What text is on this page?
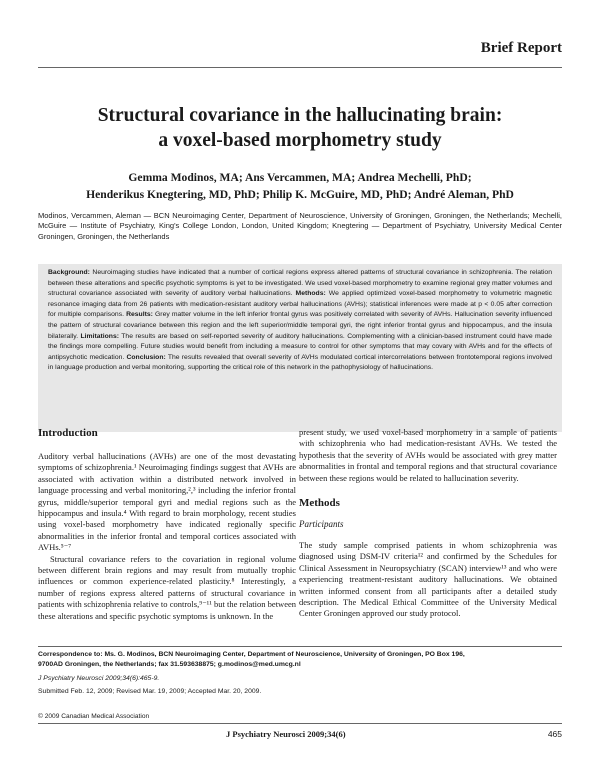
Brief Report
Structural covariance in the hallucinating brain:
a voxel-based morphometry study
Gemma Modinos, MA; Ans Vercammen, MA; Andrea Mechelli, PhD;
Henderikus Knegtering, MD, PhD; Philip K. McGuire, MD, PhD; André Aleman, PhD
Modinos, Vercammen, Aleman — BCN Neuroimaging Center, Department of Neuroscience, University of Groningen, Groningen, the Netherlands; Mechelli, McGuire — Institute of Psychiatry, King's College London, London, United Kingdom; Knegtering — Department of Psychiatry, University Medical Center Groningen, Groningen, the Netherlands
Background: Neuroimaging studies have indicated that a number of cortical regions express altered patterns of structural covariance in schizophrenia. The relation between these alterations and specific psychotic symptoms is yet to be investigated. We used voxel-based morphometry to examine regional grey matter volumes and structural covariance associated with severity of auditory verbal hallucinations. Methods: We applied optimized voxel-based morphometry to volumetric magnetic resonance imaging data from 26 patients with medication-resistant auditory verbal hallucinations (AVHs); statistical inferences were made at p < 0.05 after correction for multiple comparisons. Results: Grey matter volume in the left inferior frontal gyrus was positively correlated with severity of AVHs. Hallucination severity influenced the pattern of structural covariance between this region and the left superior/middle temporal gyri, the right inferior frontal gyrus and hippocampus, and the insula bilaterally. Limitations: The results are based on self-reported severity of auditory hallucinations. Complementing with a clinician-based instrument could have made the findings more compelling. Future studies would benefit from including a measure to control for other symptoms that may covary with AVHs and for the effects of antipsychotic medication. Conclusion: The results revealed that overall severity of AVHs modulated cortical intercorrelations between frontotemporal regions involved in language production and verbal monitoring, supporting the critical role of this network in the pathophysiology of hallucinations.
Introduction

Auditory verbal hallucinations (AVHs) are one of the most devastating symptoms of schizophrenia.¹ Neuroimaging findings suggest that AVHs are associated with activation within a distributed network involved in language processing and verbal monitoring,²,³ including the inferior frontal gyrus, middle/superior temporal gyri and medial regions such as the hippocampus and insula.⁴ With regard to brain morphology, recent studies using voxel-based morphometry have indicated regionally specific abnormalities in the inferior frontal and temporal cortices associated with AVHs.⁵⁻⁷

Structural covariance refers to the covariation in regional volume between different brain regions and may result from mutually trophic influences or common experience-related plasticity.⁸ Interestingly, a number of regions express altered patterns of structural covariance in patients with schizophrenia relative to controls,⁹⁻¹¹ but the relation between these alterations and specific psychotic symptoms is unknown. In the

present study, we used voxel-based morphometry in a sample of patients with schizophrenia who had medication-resistant AVHs. We tested the hypothesis that the severity of AVHs would be associated with grey matter abnormalities in frontal and temporal regions and that structural covariance between these regions would be related to hallucination severity.

Methods
Participants

The study sample comprised patients in whom schizophrenia was diagnosed using DSM-IV criteria¹² and confirmed by the Schedules for Clinical Assessment in Neuropsychiatry (SCAN) interview¹³ and who were experiencing treatment-resistant auditory hallucinations. We obtained written informed consent from all participants after a detailed study description. The Medical Ethical Committee of the University Medical Center Groningen approved our study protocol.

Correspondence to: Ms. G. Modinos, BCN Neuroimaging Center, Department of Neuroscience, University of Groningen, PO Box 196,
9700AD Groningen, the Netherlands; fax 31.593638875; g.modinos@med.umcg.nl
J Psychiatry Neurosci 2009;34(6):465-9.
Submitted Feb. 12, 2009; Revised Mar. 19, 2009; Accepted Mar. 20, 2009.
© 2009 Canadian Medical Association
J Psychiatry Neurosci 2009;34(6)	465
